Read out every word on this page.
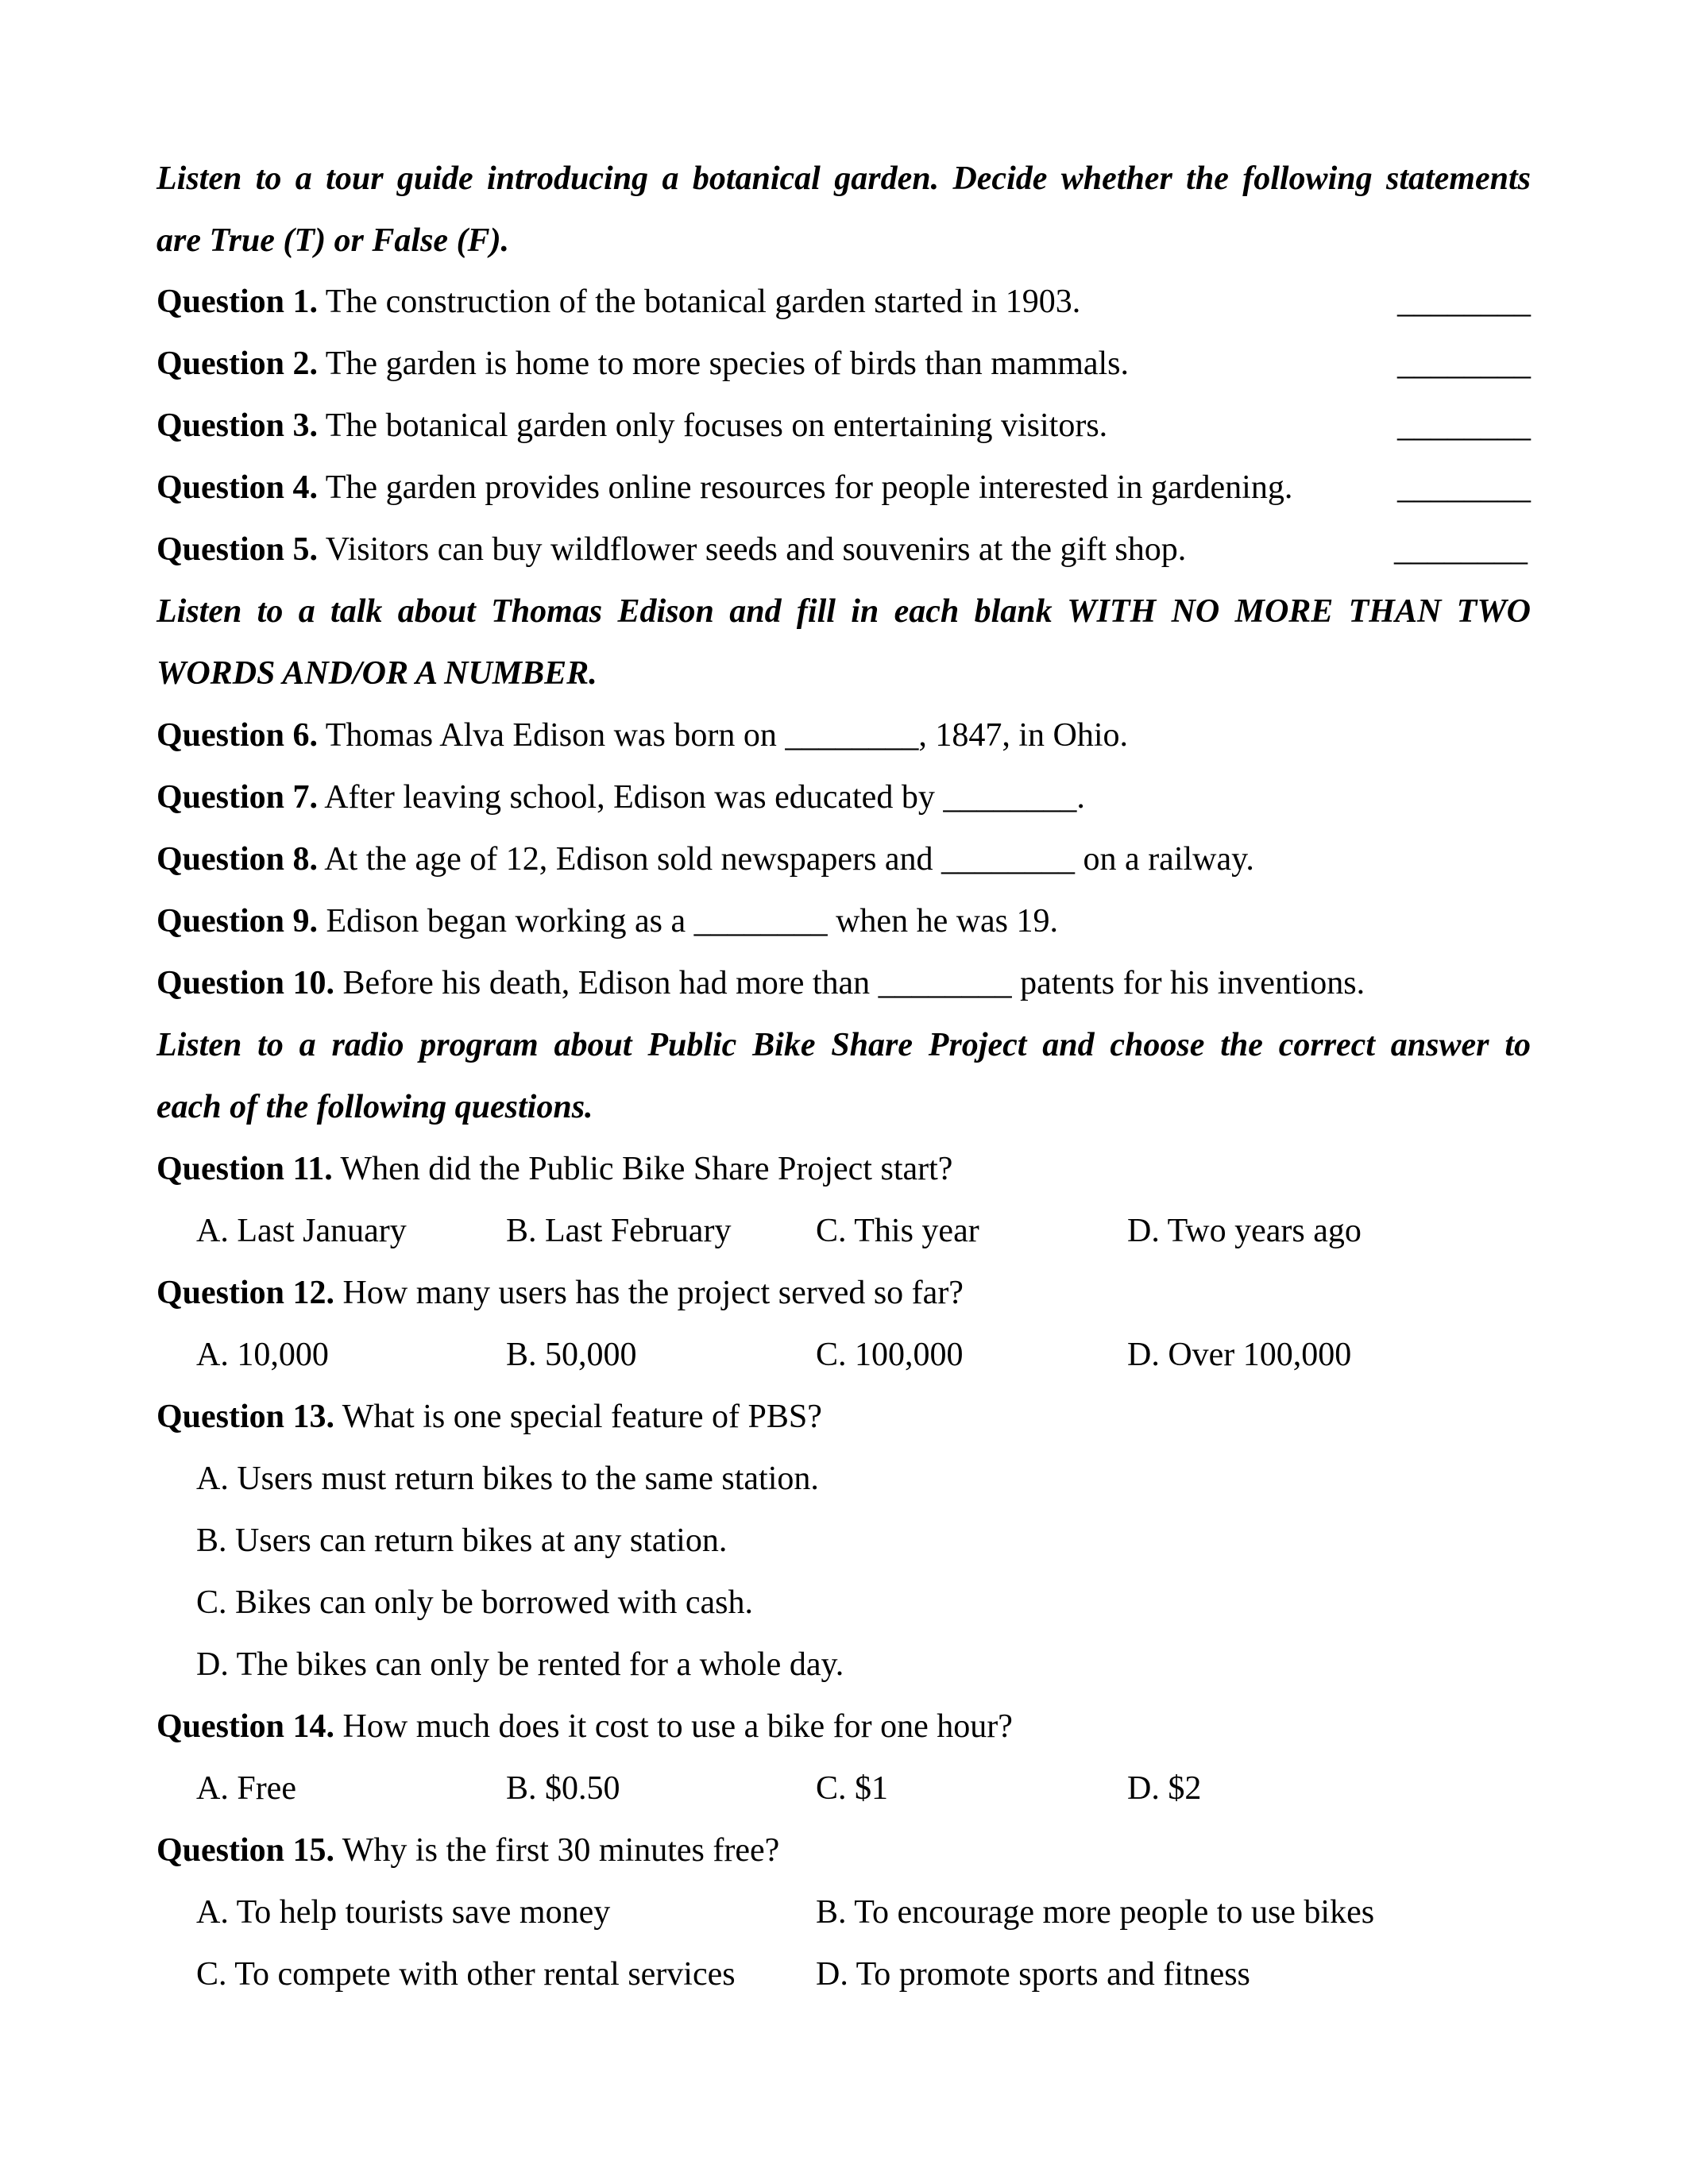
Listen to a tour guide introducing a botanical garden. Decide whether the following statements
are True (T) or False (F).
Question 1. The construction of the botanical garden started in 1903.	________
Question 2. The garden is home to more species of birds than mammals.	________
Question 3. The botanical garden only focuses on entertaining visitors.	________
Question 4. The garden provides online resources for people interested in gardening.	________
Question 5. Visitors can buy wildflower seeds and souvenirs at the gift shop.	________
Listen to a talk about Thomas Edison and fill in each blank WITH NO MORE THAN TWO
WORDS AND/OR A NUMBER.
Question 6. Thomas Alva Edison was born on ________, 1847, in Ohio.
Question 7. After leaving school, Edison was educated by ________.
Question 8. At the age of 12, Edison sold newspapers and ________ on a railway.
Question 9. Edison began working as a ________ when he was 19.
Question 10. Before his death, Edison had more than ________ patents for his inventions.
Listen to a radio program about Public Bike Share Project and choose the correct answer to
each of the following questions.
Question 11. When did the Public Bike Share Project start?
A. Last January	B. Last February	C. This year	D. Two years ago
Question 12. How many users has the project served so far?
A. 10,000	B. 50,000	C. 100,000	D. Over 100,000
Question 13. What is one special feature of PBS?
A. Users must return bikes to the same station.
B. Users can return bikes at any station.
C. Bikes can only be borrowed with cash.
D. The bikes can only be rented for a whole day.
Question 14. How much does it cost to use a bike for one hour?
A. Free	B. $0.50	C. $1	D. $2
Question 15. Why is the first 30 minutes free?
A. To help tourists save money	B. To encourage more people to use bikes
C. To compete with other rental services D. To promote sports and fitness
